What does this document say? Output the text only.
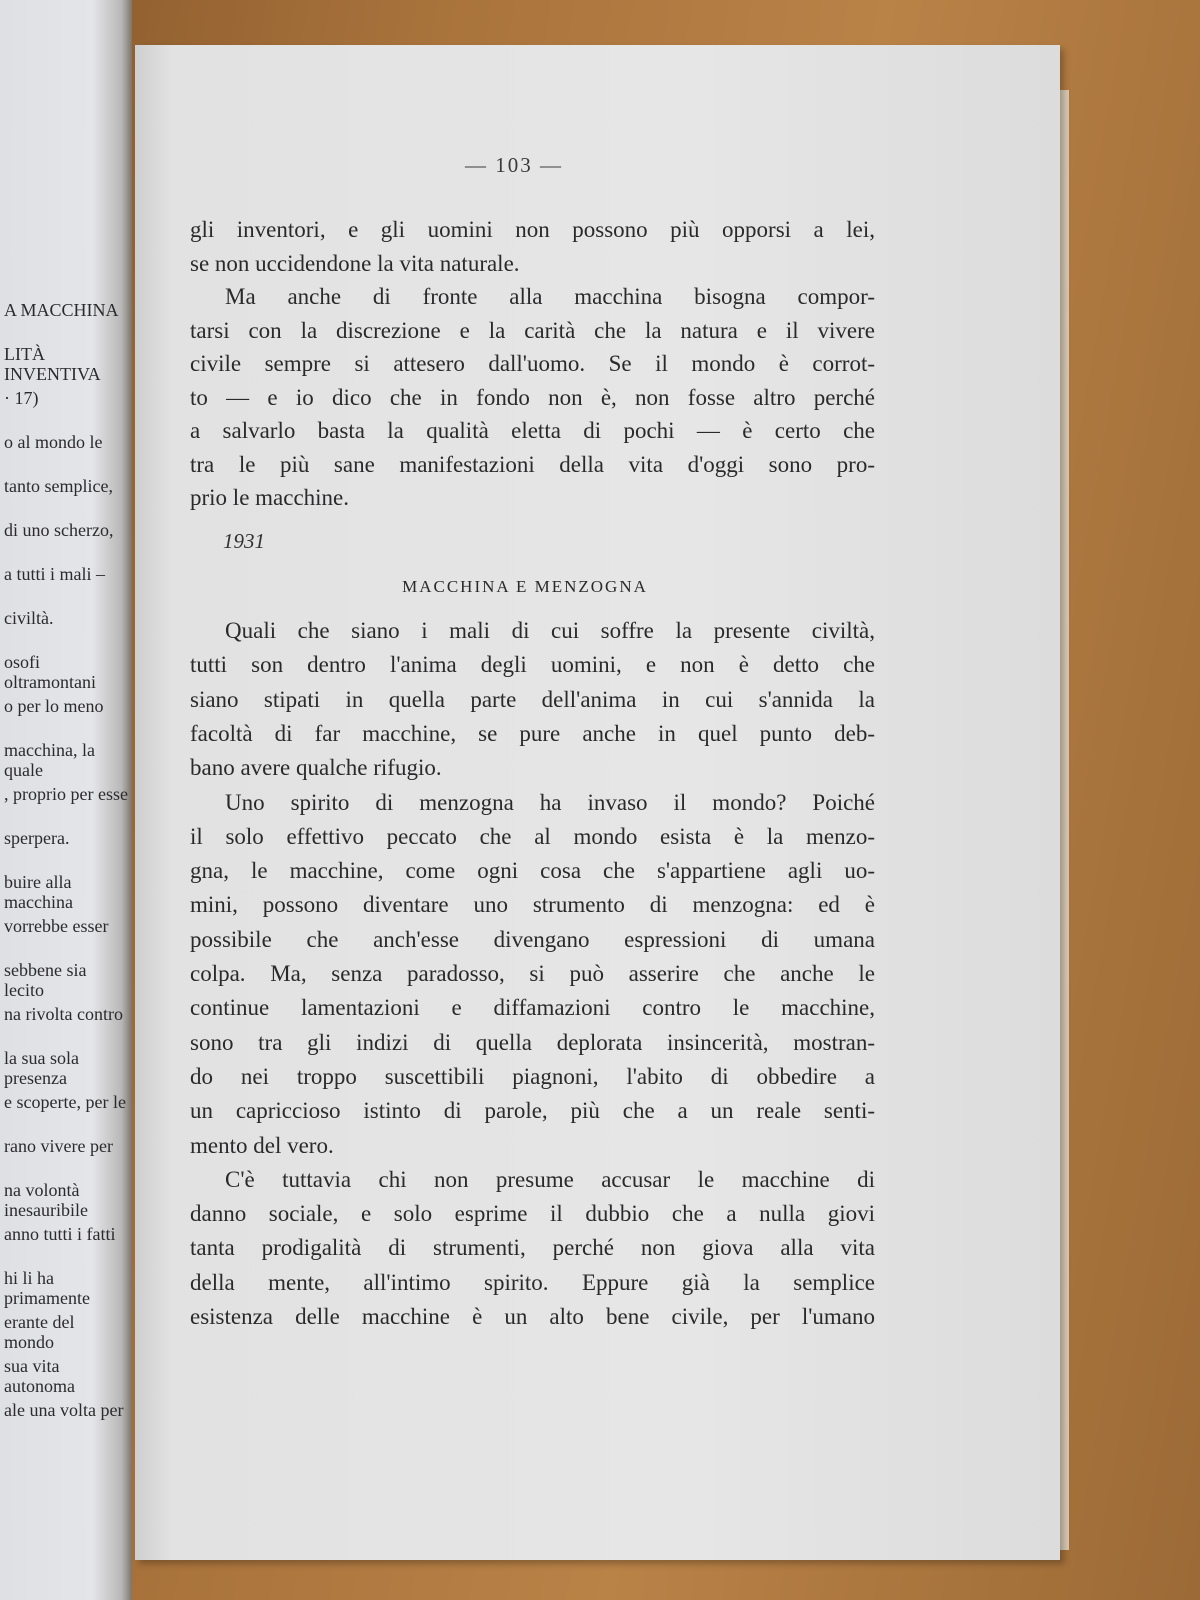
A MACCHINA
LITÀ INVENTIVA
· 17)
o al mondo le
tanto semplice,
di uno scherzo,
a tutti i mali –
civiltà.
osofi oltramontani
o per lo meno
macchina, la quale
, proprio per esse
sperpera.
buire alla macchina
vorrebbe esser
sebbene sia lecito
na rivolta contro
la sua sola presenza
e scoperte, per le
rano vivere per
na volontà inesauribile
anno tutti i fatti
hi li ha primamente
erante del mondo
sua vita autonoma
ale una volta per
— 103 —
1931
MACCHINA E MENZOGNA
gli inventori, e gli uomini non possono più opporsi a lei,
se non uccidendone la vita naturale.
Ma anche di fronte alla macchina bisogna compor-
tarsi con la discrezione e la carità che la natura e il vivere
civile sempre si attesero dall'uomo. Se il mondo è corrot-
to — e io dico che in fondo non è, non fosse altro perché
a salvarlo basta la qualità eletta di pochi — è certo che
tra le più sane manifestazioni della vita d'oggi sono pro-
prio le macchine.
Quali che siano i mali di cui soffre la presente civiltà,
tutti son dentro l'anima degli uomini, e non è detto che
siano stipati in quella parte dell'anima in cui s'annida la
facoltà di far macchine, se pure anche in quel punto deb-
bano avere qualche rifugio.
Uno spirito di menzogna ha invaso il mondo? Poiché
il solo effettivo peccato che al mondo esista è la menzo-
gna, le macchine, come ogni cosa che s'appartiene agli uo-
mini, possono diventare uno strumento di menzogna: ed è
possibile che anch'esse divengano espressioni di umana
colpa. Ma, senza paradosso, si può asserire che anche le
continue lamentazioni e diffamazioni contro le macchine,
sono tra gli indizi di quella deplorata insincerità, mostran-
do nei troppo suscettibili piagnoni, l'abito di obbedire a
un capriccioso istinto di parole, più che a un reale senti-
mento del vero.
C'è tuttavia chi non presume accusar le macchine di
danno sociale, e solo esprime il dubbio che a nulla giovi
tanta prodigalità di strumenti, perché non giova alla vita
della mente, all'intimo spirito. Eppure già la semplice
esistenza delle macchine è un alto bene civile, per l'umano
